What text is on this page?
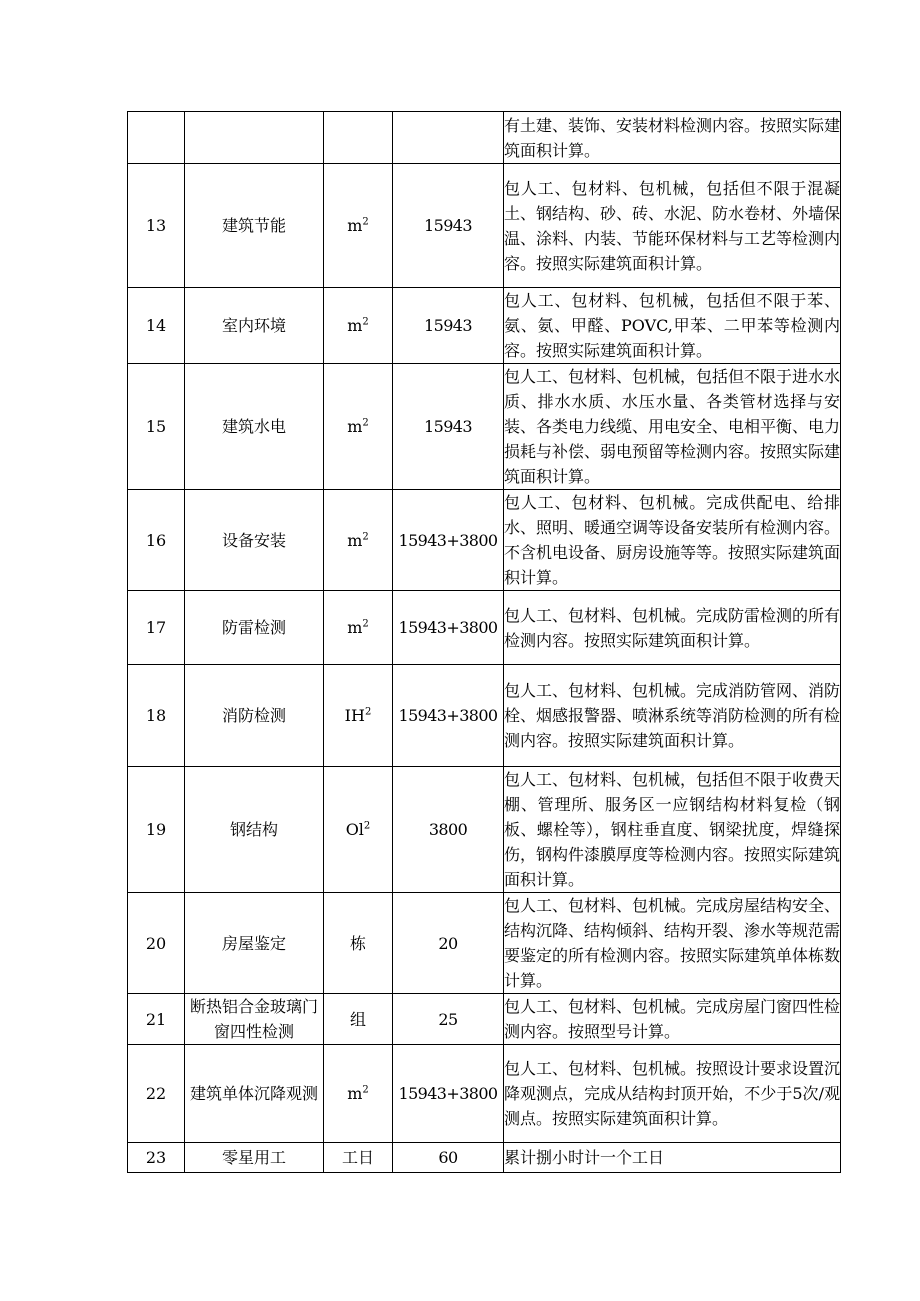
				有土建、装饰、安装材料检测内容。按照实际建筑面积计算。
13	建筑节能	$m^2$	15943	包人工、包材料、包机械，包括但不限于混凝土、钢结构、砂、砖、水泥、防水卷材、外墙保温、涂料、内装、节能环保材料与工艺等检测内容。按照实际建筑面积计算。
14	室内环境	$m^2$	15943	包人工、包材料、包机械，包括但不限于苯、氨、氨、甲醛、POVC,甲苯、二甲苯等检测内容。按照实际建筑面积计算。
15	建筑水电	$m^2$	15943	包人工、包材料、包机械，包括但不限于进水水质、排水水质、水压水量、各类管材选择与安装、各类电力线缆、用电安全、电相平衡、电力损耗与补偿、弱电预留等检测内容。按照实际建筑面积计算。
16	设备安装	$m^2$	15943+3800	包人工、包材料、包机械。完成供配电、给排水、照明、暖通空调等设备安装所有检测内容。不含机电设备、厨房设施等等。按照实际建筑面积计算。
17	防雷检测	$m^2$	15943+3800	包人工、包材料、包机械。完成防雷检测的所有检测内容。按照实际建筑面积计算。
18	消防检测	$IH^2$	15943+3800	包人工、包材料、包机械。完成消防管网、消防栓、烟感报警器、喷淋系统等消防检测的所有检测内容。按照实际建筑面积计算。
19	钢结构	Ol$^2$	3800	包人工、包材料、包机械，包括但不限于收费天棚、管理所、服务区一应钢结构材料复检（钢板、螺栓等），钢柱垂直度、钢梁扰度，焊缝探伤，钢构件漆膜厚度等检测内容。按照实际建筑面积计算。
20	房屋鉴定	栋	20	包人工、包材料、包机械。完成房屋结构安全、结构沉降、结构倾斜、结构开裂、渗水等规范需要鉴定的所有检测内容。按照实际建筑单体栋数计算。
21	断热铝合金玻璃门窗四性检测	组	25	包人工、包材料、包机械。完成房屋门窗四性检测内容。按照型号计算。
22	建筑单体沉降观测	$m^2$	15943+3800	包人工、包材料、包机械。按照设计要求设置沉降观测点，完成从结构封顶开始，不少于5次/观测点。按照实际建筑面积计算。
23	零星用工	工日	60	累计捌小时计一个工日
